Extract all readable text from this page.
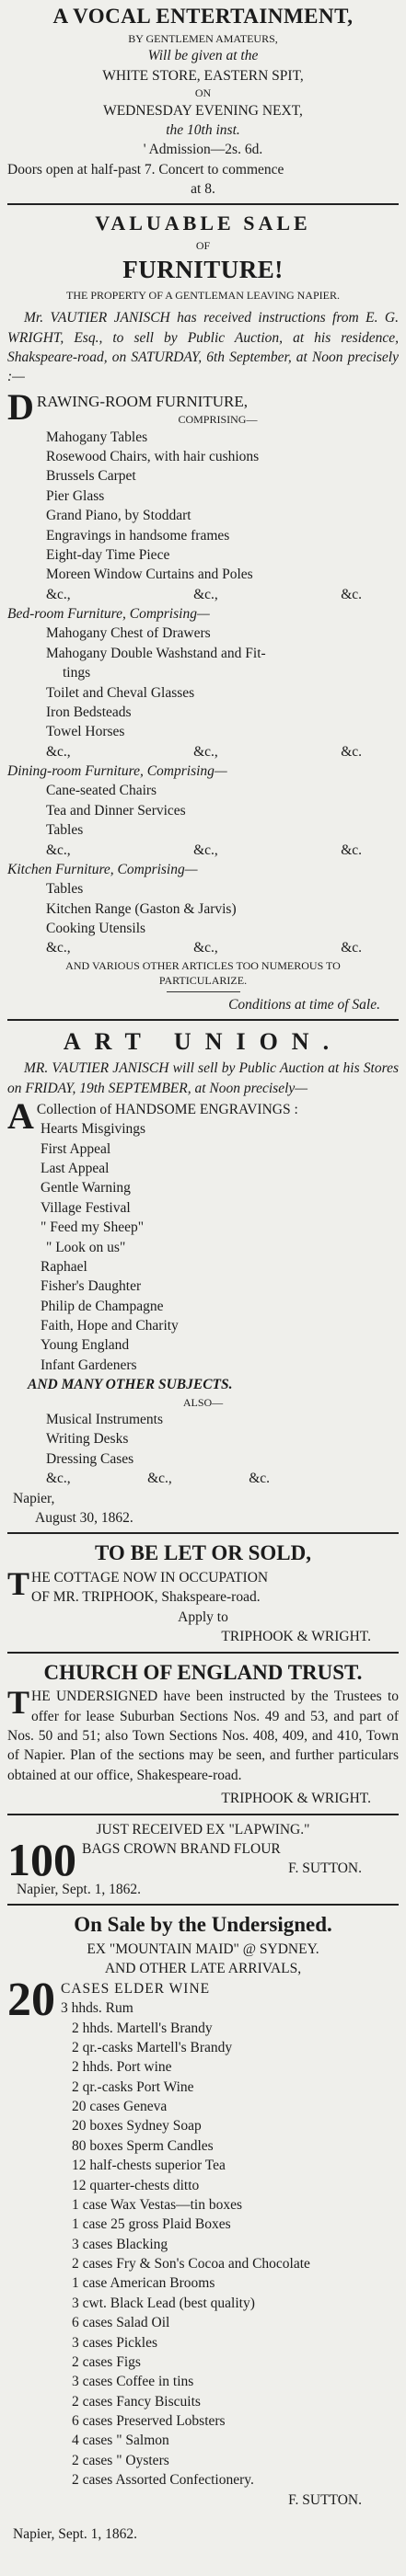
A VOCAL ENTERTAINMENT,
BY GENTLEMEN AMATEURS,
Will be given at the
WHITE STORE, EASTERN SPIT,
ON
WEDNESDAY EVENING NEXT,
the 10th inst.
' Admission—2s. 6d.
Doors open at half-past 7. Concert to commence
at 8.
VALUABLE SALE
OF
FURNITURE!
THE PROPERTY OF A GENTLEMAN LEAVING NAPIER.
Mr. VAUTIER JANISCH has received instructions from E. G. WRIGHT, Esq., to sell by Public Auction, at his residence, Shakspeare-road, on SATURDAY, 6th September, at Noon precisely :—
D RAWING-ROOM FURNITURE,
COMPRISING—
Mahogany Tables
Rosewood Chairs, with hair cushions
Brussels Carpet
Pier Glass
Grand Piano, by Stoddart
Engravings in handsome frames
Eight-day Time Piece
Moreen Window Curtains and Poles
&c.,	&c.,	&c.
Bed-room Furniture, Comprising—
Mahogany Chest of Drawers
Mahogany Double Washstand and Fit-
tings
Toilet and Cheval Glasses
Iron Bedsteads
Towel Horses
&c.,	&c.,	&c.
Dining-room Furniture, Comprising—
Cane-seated Chairs
Tea and Dinner Services
Tables
&c.,	&c.,	&c.
Kitchen Furniture, Comprising—
Tables
Kitchen Range (Gaston & Jarvis)
Cooking Utensils
&c.,	&c.,	&c.
AND VARIOUS OTHER ARTICLES TOO NUMEROUS TO
PARTICULARIZE.
Conditions at time of Sale.
ART UNION.
MR. VAUTIER JANISCH will sell by Public Auction at his Stores on FRIDAY, 19th SEPTEMBER, at Noon precisely—
A Collection of HANDSOME ENGRAVINGS :
Hearts Misgivings
First Appeal
Last Appeal
Gentle Warning
Village Festival
" Feed my Sheep"
" Look on us"
Raphael
Fisher's Daughter
Philip de Champagne
Faith, Hope and Charity
Young England
Infant Gardeners
AND MANY OTHER SUBJECTS.
ALSO—
Musical Instruments
Writing Desks
Dressing Cases
&c.,	&c.,	&c.
Napier,
August 30, 1862.
TO BE LET OR SOLD,
T HE COTTAGE NOW IN OCCUPATION
OF MR. TRIPHOOK, Shakspeare-road.
Apply to
TRIPHOOK & WRIGHT.
CHURCH OF ENGLAND TRUST.
THE UNDERSIGNED have been instructed by the Trustees to offer for lease Suburban Sections Nos. 49 and 53, and part of Nos. 50 and 51; also Town Sections Nos. 408, 409, and 410, Town of Napier. Plan of the sections may be seen, and further particulars obtained at our office, Shakespeare-road.
TRIPHOOK & WRIGHT.
JUST RECEIVED EX "LAPWING."
100 BAGS CROWN BRAND FLOUR
F. SUTTON.
Napier, Sept. 1, 1862.
On Sale by the Undersigned.
EX "MOUNTAIN MAID" @ SYDNEY.
AND OTHER LATE ARRIVALS,
20 CASES ELDER WINE
3 hhds. Rum
2 hhds. Martell's Brandy
2 qr.-casks Martell's Brandy
2 hhds. Port wine
2 qr.-casks Port Wine
20 cases Geneva
20 boxes Sydney Soap
80 boxes Sperm Candles
12 half-chests superior Tea
12 quarter-chests ditto
1 case Wax Vestas—tin boxes
1 case 25 gross Plaid Boxes
3 cases Blacking
2 cases Fry & Son's Cocoa and Chocolate
1 case American Brooms
3 cwt. Black Lead (best quality)
6 cases Salad Oil
3 cases Pickles
2 cases Figs
3 cases Coffee in tins
2 cases Fancy Biscuits
6 cases Preserved Lobsters
4 cases " Salmon
2 cases " Oysters
2 cases Assorted Confectionery.
F. SUTTON.
Napier, Sept. 1, 1862.
